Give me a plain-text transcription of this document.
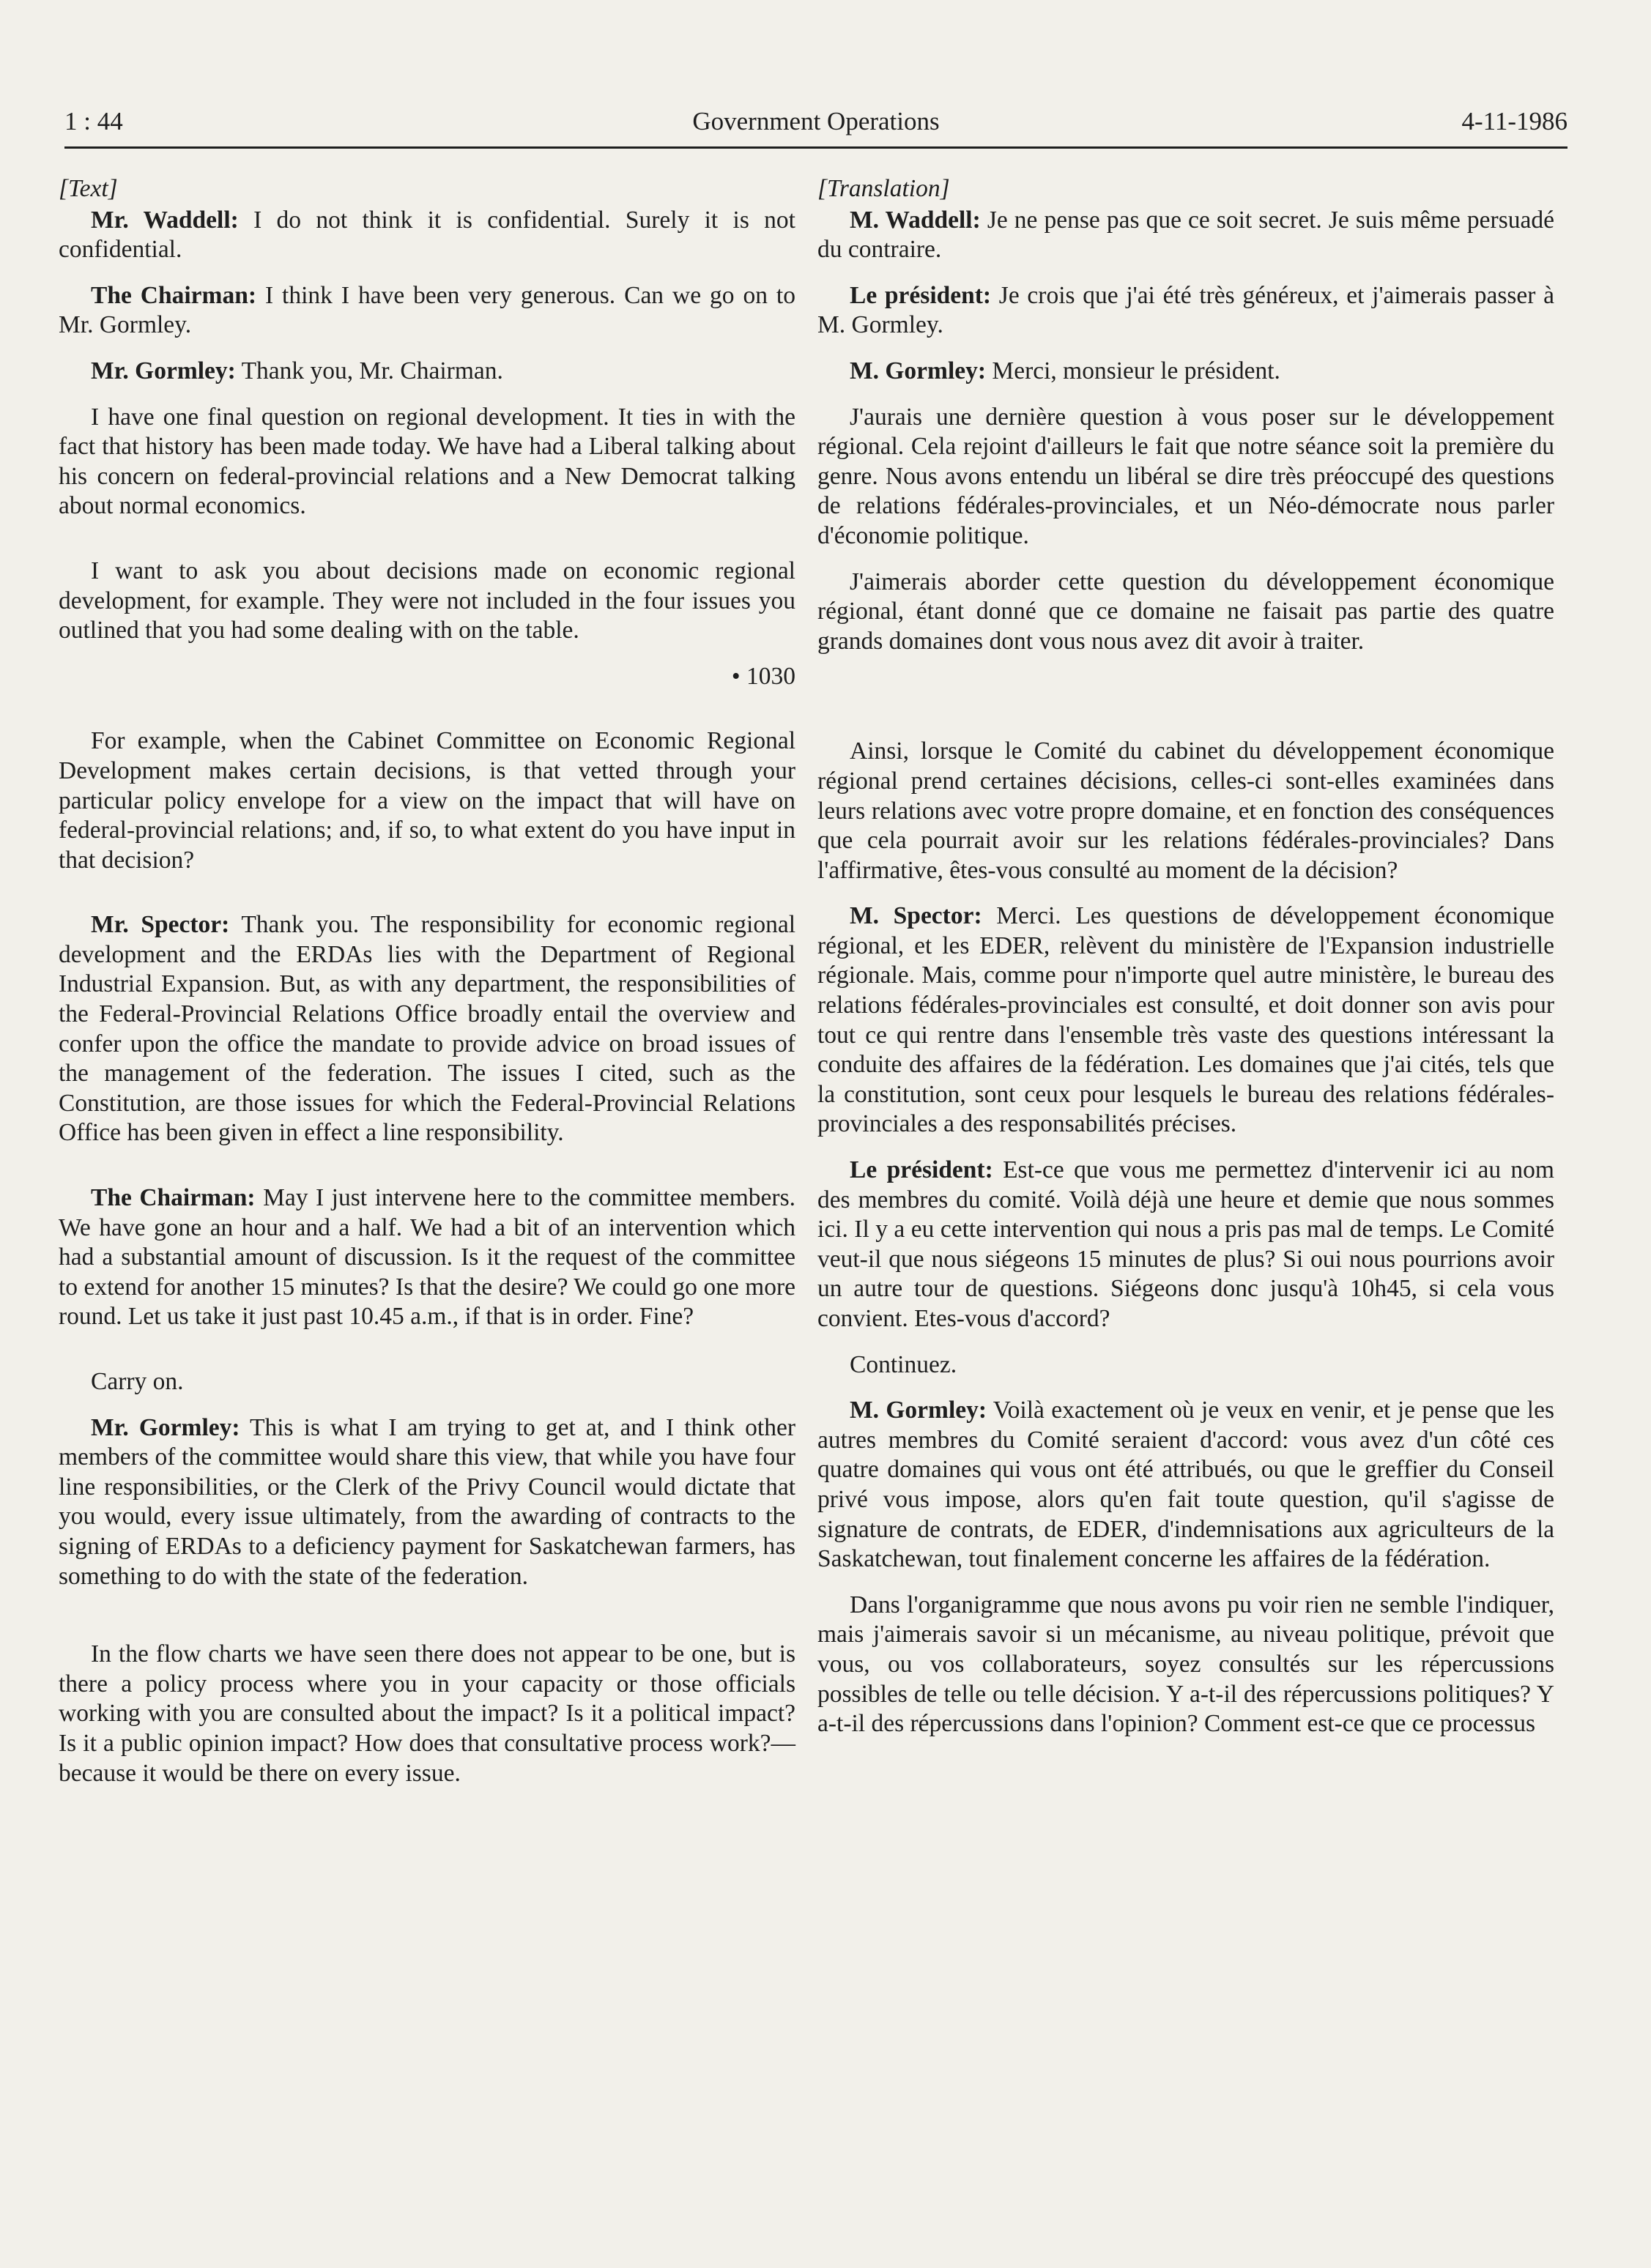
1 : 44	Government Operations	4-11-1986

[Text]

Mr. Waddell: I do not think it is confidential. Surely it is not confidential.

The Chairman: I think I have been very generous. Can we go on to Mr. Gormley.

Mr. Gormley: Thank you, Mr. Chairman.

I have one final question on regional development. It ties in with the fact that history has been made today. We have had a Liberal talking about his concern on federal-provincial relations and a New Democrat talking about normal economics.

I want to ask you about decisions made on economic regional development, for example. They were not included in the four issues you outlined that you had some dealing with on the table.

• 1030

For example, when the Cabinet Committee on Economic Regional Development makes certain decisions, is that vetted through your particular policy envelope for a view on the impact that will have on federal-provincial relations; and, if so, to what extent do you have input in that decision?

Mr. Spector: Thank you. The responsibility for economic regional development and the ERDAs lies with the Department of Regional Industrial Expansion. But, as with any department, the responsibilities of the Federal-Provincial Relations Office broadly entail the overview and confer upon the office the mandate to provide advice on broad issues of the management of the federation. The issues I cited, such as the Constitution, are those issues for which the Federal-Provincial Relations Office has been given in effect a line responsibility.

The Chairman: May I just intervene here to the committee members. We have gone an hour and a half. We had a bit of an intervention which had a substantial amount of discussion. Is it the request of the committee to extend for another 15 minutes? Is that the desire? We could go one more round. Let us take it just past 10.45 a.m., if that is in order. Fine?

Carry on.

Mr. Gormley: This is what I am trying to get at, and I think other members of the committee would share this view, that while you have four line responsibilities, or the Clerk of the Privy Council would dictate that you would, every issue ultimately, from the awarding of contracts to the signing of ERDAs to a deficiency payment for Saskatchewan farmers, has something to do with the state of the federation.

In the flow charts we have seen there does not appear to be one, but is there a policy process where you in your capacity or those officials working with you are consulted about the impact? Is it a political impact? Is it a public opinion impact? How does that consultative process work?—because it would be there on every issue.

[Translation]

M. Waddell: Je ne pense pas que ce soit secret. Je suis même persuadé du contraire.

Le président: Je crois que j'ai été très généreux, et j'aimerais passer à M. Gormley.

M. Gormley: Merci, monsieur le président.

J'aurais une dernière question à vous poser sur le développement régional. Cela rejoint d'ailleurs le fait que notre séance soit la première du genre. Nous avons entendu un libéral se dire très préoccupé des questions de relations fédérales-provinciales, et un Néo-démocrate nous parler d'économie politique.

J'aimerais aborder cette question du développement économique régional, étant donné que ce domaine ne faisait pas partie des quatre grands domaines dont vous nous avez dit avoir à traiter.

Ainsi, lorsque le Comité du cabinet du développement économique régional prend certaines décisions, celles-ci sont-elles examinées dans leurs relations avec votre propre domaine, et en fonction des conséquences que cela pourrait avoir sur les relations fédérales-provinciales? Dans l'affirmative, êtes-vous consulté au moment de la décision?

M. Spector: Merci. Les questions de développement économique régional, et les EDER, relèvent du ministère de l'Expansion industrielle régionale. Mais, comme pour n'importe quel autre ministère, le bureau des relations fédérales-provinciales est consulté, et doit donner son avis pour tout ce qui rentre dans l'ensemble très vaste des questions intéressant la conduite des affaires de la fédération. Les domaines que j'ai cités, tels que la constitution, sont ceux pour lesquels le bureau des relations fédérales-provinciales a des responsabilités précises.

Le président: Est-ce que vous me permettez d'intervenir ici au nom des membres du comité. Voilà déjà une heure et demie que nous sommes ici. Il y a eu cette intervention qui nous a pris pas mal de temps. Le Comité veut-il que nous siégeons 15 minutes de plus? Si oui nous pourrions avoir un autre tour de questions. Siégeons donc jusqu'à 10h45, si cela vous convient. Etes-vous d'accord?

Continuez.

M. Gormley: Voilà exactement où je veux en venir, et je pense que les autres membres du Comité seraient d'accord: vous avez d'un côté ces quatre domaines qui vous ont été attribués, ou que le greffier du Conseil privé vous impose, alors qu'en fait toute question, qu'il s'agisse de signature de contrats, de EDER, d'indemnisations aux agriculteurs de la Saskatchewan, tout finalement concerne les affaires de la fédération.

Dans l'organigramme que nous avons pu voir rien ne semble l'indiquer, mais j'aimerais savoir si un mécanisme, au niveau politique, prévoit que vous, ou vos collaborateurs, soyez consultés sur les répercussions possibles de telle ou telle décision. Y a-t-il des répercussions politiques? Y a-t-il des répercussions dans l'opinion? Comment est-ce que ce processus
